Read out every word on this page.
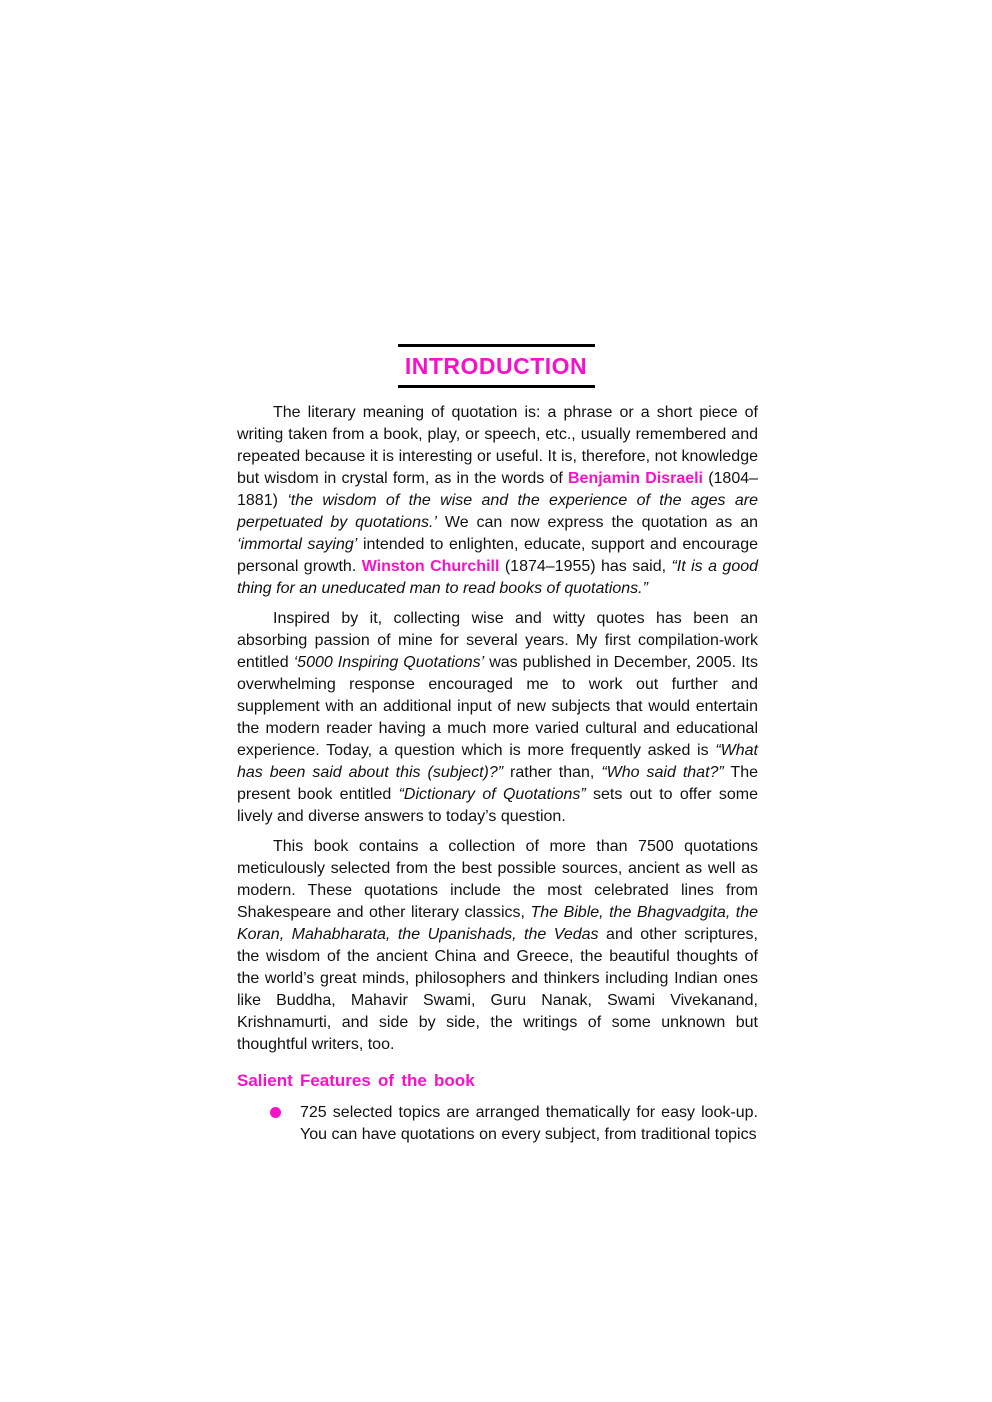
INTRODUCTION

The literary meaning of quotation is: a phrase or a short piece of writing taken from a book, play, or speech, etc., usually remembered and repeated because it is interesting or useful. It is, therefore, not knowledge but wisdom in crystal form, as in the words of Benjamin Disraeli (1804–1881) ‘the wisdom of the wise and the experience of the ages are perpetuated by quotations.’ We can now express the quotation as an ‘immortal saying’ intended to enlighten, educate, support and encourage personal growth. Winston Churchill (1874–1955) has said, “It is a good thing for an uneducated man to read books of quotations.”

Inspired by it, collecting wise and witty quotes has been an absorbing passion of mine for several years. My first compilation-work entitled ‘5000 Inspiring Quotations’ was published in December, 2005. Its overwhelming response encouraged me to work out further and supplement with an additional input of new subjects that would entertain the modern reader having a much more varied cultural and educational experience. Today, a question which is more frequently asked is “What has been said about this (subject)?” rather than, “Who said that?” The present book entitled “Dictionary of Quotations” sets out to offer some lively and diverse answers to today’s question.

This book contains a collection of more than 7500 quotations meticulously selected from the best possible sources, ancient as well as modern. These quotations include the most celebrated lines from Shakespeare and other literary classics, The Bible, the Bhagvadgita, the Koran, Mahabharata, the Upanishads, the Vedas and other scriptures, the wisdom of the ancient China and Greece, the beautiful thoughts of the world’s great minds, philosophers and thinkers including Indian ones like Buddha, Mahavir Swami, Guru Nanak, Swami Vivekanand, Krishnamurti, and side by side, the writings of some unknown but thoughtful writers, too.

Salient Features of the book
725 selected topics are arranged thematically for easy look-up. You can have quotations on every subject, from traditional topics
